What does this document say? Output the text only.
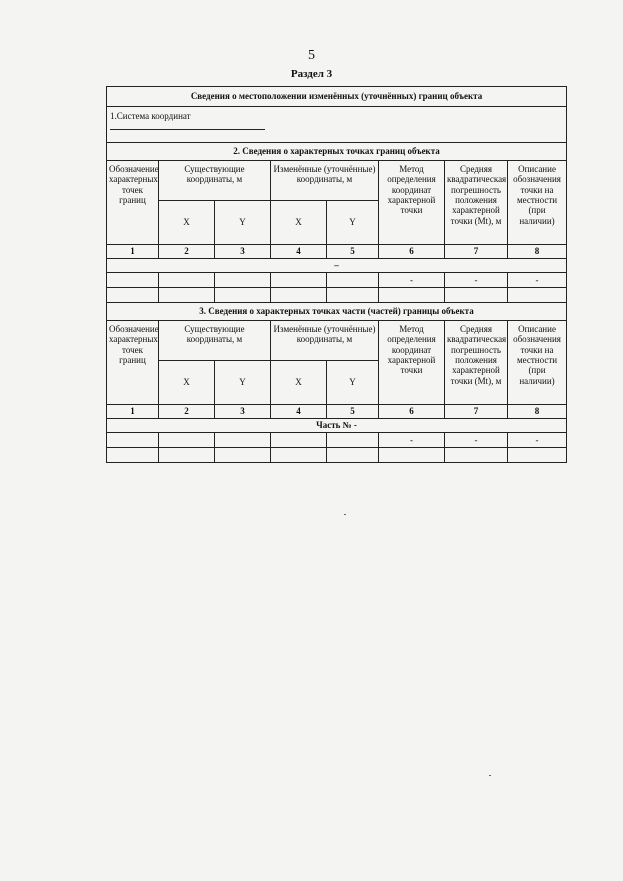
5
Раздел 3
Сведения о местоположении изменённых (уточнённых) границ объекта							
1.Система координат							

2. Сведения о характерных точках границ объекта							
Обозначение характерных точек границ	Существующие координаты, м		Изменённые (уточнённые) координаты, м		Метод определения координат характерной точки	Средняя квадратическая погрешность положения характерной точки (Mt), м	Описание обозначения точки на местности (при наличии)
	X	Y	X	Y			
1	2	3	4	5	6	7	8
–							
					-	-	-

3. Сведения о характерных точках части (частей) границы объекта							
Обозначение характерных точек границ	Существующие координаты, м		Изменённые (уточнённые) координаты, м		Метод определения координат характерной точки	Средняя квадратическая погрешность положения характерной точки (Mt), м	Описание обозначения точки на местности (при наличии)
	X	Y	X	Y			
1	2	3	4	5	6	7	8
Часть № -							
					-	-	-
